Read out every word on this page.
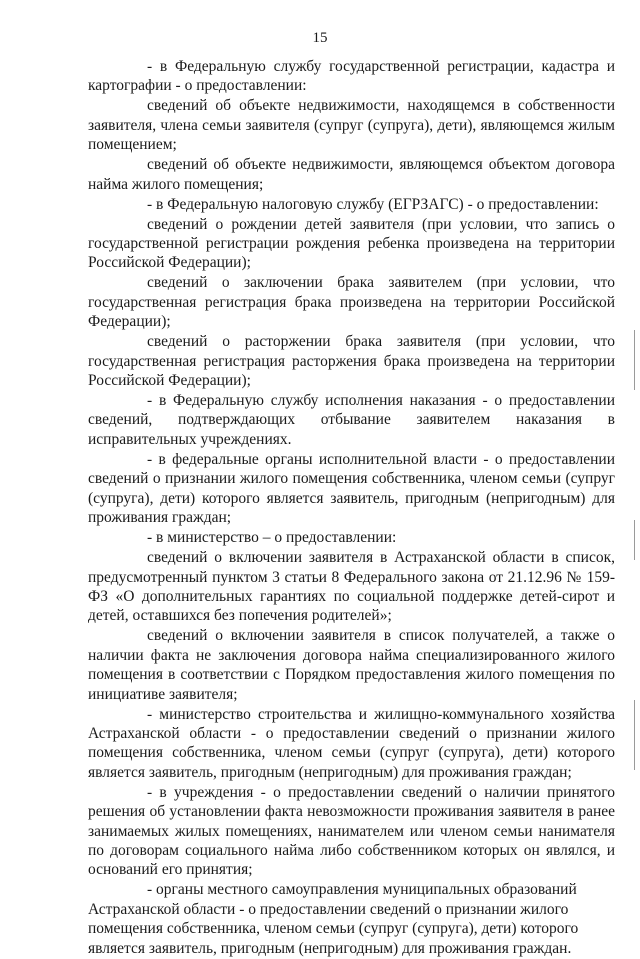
15

- в Федеральную службу государственной регистрации, кадастра и картографии - о предоставлении:

сведений об объекте недвижимости, находящемся в собственности заявителя, члена семьи заявителя (супруг (супруга), дети), являющемся жилым помещением;

сведений об объекте недвижимости, являющемся объектом договора найма жилого помещения;

- в Федеральную налоговую службу (ЕГРЗАГС) - о предоставлении:

сведений о рождении детей заявителя (при условии, что запись о государственной регистрации рождения ребенка произведена на территории Российской Федерации);

сведений о заключении брака заявителем (при условии, что государственная регистрация брака произведена на территории Российской Федерации);

сведений о расторжении брака заявителя (при условии, что государственная регистрация расторжения брака произведена на территории Российской Федерации);

- в Федеральную службу исполнения наказания - о предоставлении сведений, подтверждающих отбывание заявителем наказания в исправительных учреждениях.

- в федеральные органы исполнительной власти - о предоставлении сведений о признании жилого помещения собственника, членом семьи (супруг (супруга), дети) которого является заявитель, пригодным (непригодным) для проживания граждан;

- в министерство – о предоставлении:

сведений о включении заявителя в Астраханской области в список, предусмотренный пунктом 3 статьи 8 Федерального закона от 21.12.96 № 159-ФЗ «О дополнительных гарантиях по социальной поддержке детей-сирот и детей, оставшихся без попечения родителей»;

сведений о включении заявителя в список получателей, а также о наличии факта не заключения договора найма специализированного жилого помещения в соответствии с Порядком предоставления жилого помещения по инициативе заявителя;

- министерство строительства и жилищно-коммунального хозяйства Астраханской области - о предоставлении сведений о признании жилого помещения собственника, членом семьи (супруг (супруга), дети) которого является заявитель, пригодным (непригодным) для проживания граждан;

- в учреждения - о предоставлении сведений о наличии принятого решения об установлении факта невозможности проживания заявителя в ранее занимаемых жилых помещениях, нанимателем или членом семьи нанимателя по договорам социального найма либо собственником которых он являлся, и оснований его принятия;

- органы местного самоуправления муниципальных образований Астраханской области - о предоставлении сведений о признании жилого помещения собственника, членом семьи (супруг (супруга), дети) которого является заявитель, пригодным (непригодным) для проживания граждан.
